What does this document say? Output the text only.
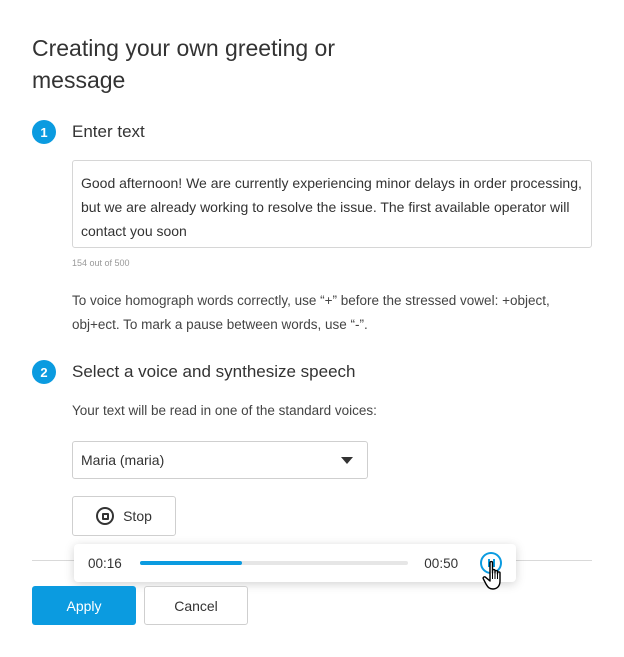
Creating your own greeting or message
1	Enter text
Good afternoon! We are currently experiencing minor delays in order processing, but we are already working to resolve the issue. The first available operator will contact you soon
154 out of 500
To voice homograph words correctly, use “+” before the stressed vowel: +object, obj+ect. To mark a pause between words, use “-”.
2	Select a voice and synthesize speech
Your text will be read in one of the standard voices:
Maria (maria)
Stop
00:16	00:50
Apply	Cancel
